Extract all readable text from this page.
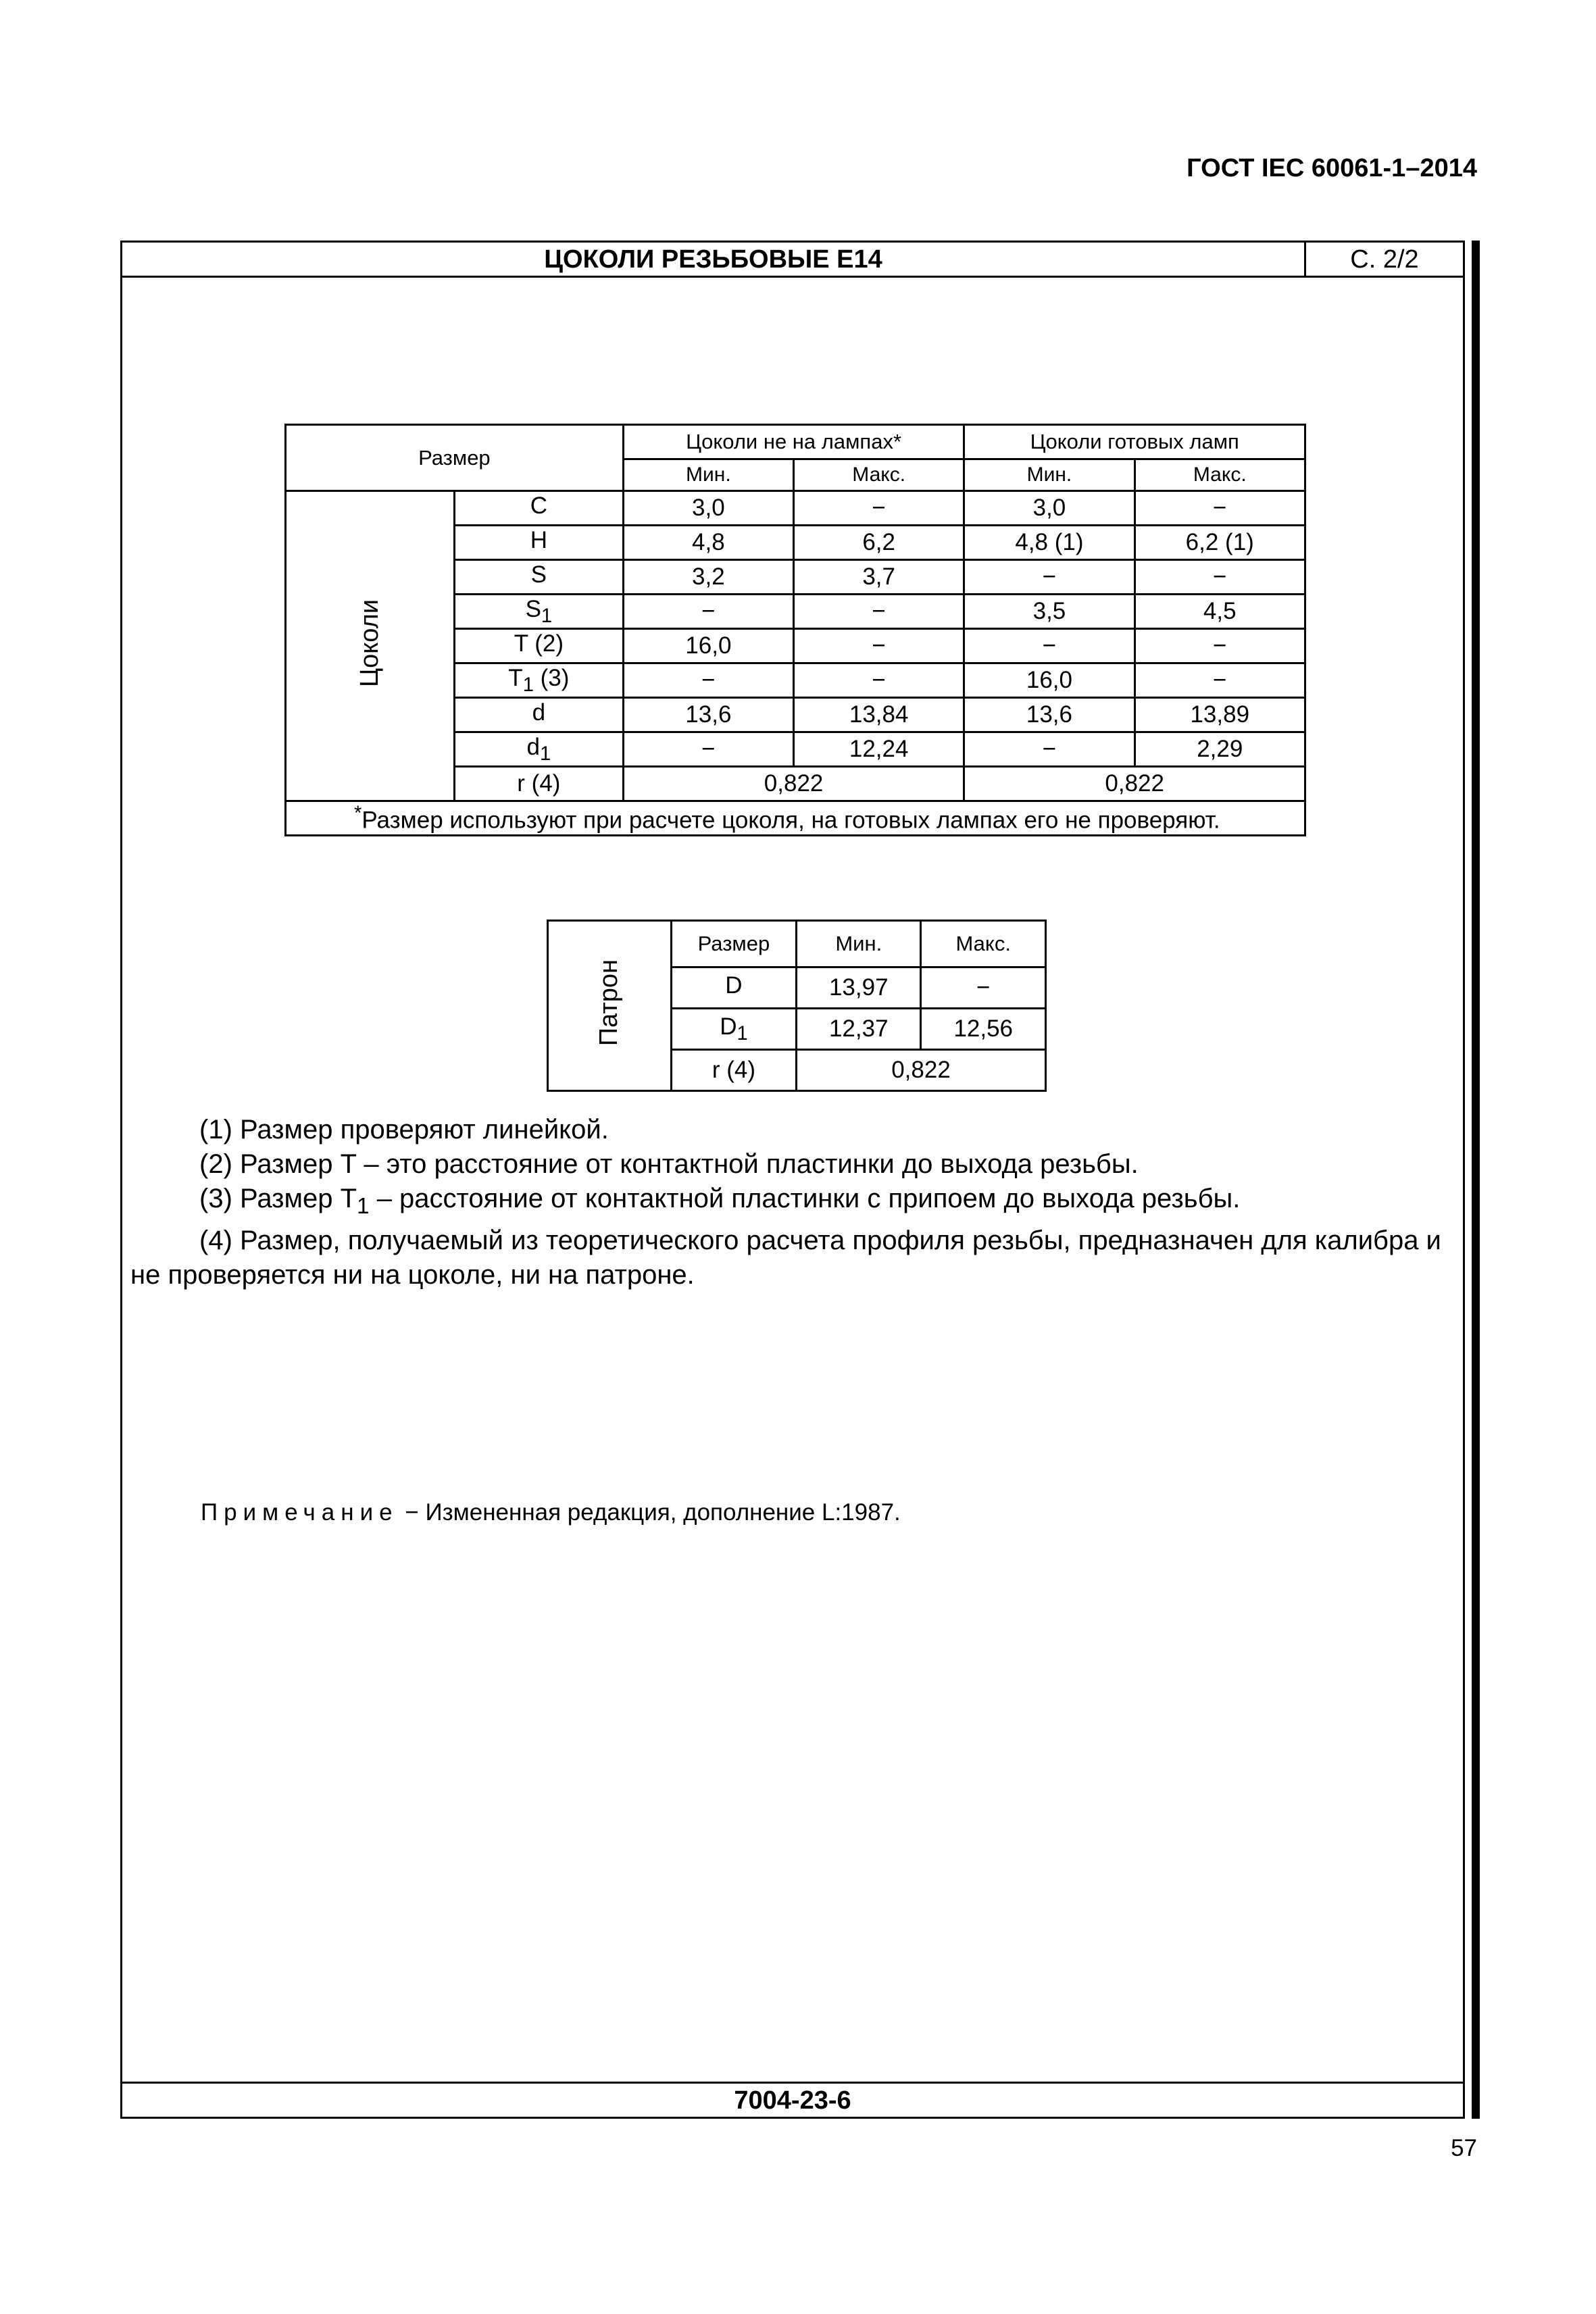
ГОСТ IEC 60061-1–2014
ЦОКОЛИ РЕЗЬБОВЫЕ Е14	С. 2/2
Размер		Цоколи не на лампах*		Цоколи готовых ламп	
		Мин.	Макс.	Мин.	Макс.
Цоколи	C	3,0	−	3,0	−
	H	4,8	6,2	4,8 (1)	6,2 (1)
	S	3,2	3,7	−	−
	$S_1$	−	−	3,5	4,5
	T (2)	16,0	−	−	−
	$T_1$ (3)	−	−	16,0	−
	d	13,6	13,84	13,6	13,89
	$d_1$	−	12,24	−	2,29
	r (4)	0,822		0,822	
*Размер используют при расчете цоколя, на готовых лампах его не проверяют.					
Патрон	Размер	Мин.	Макс.
	D	13,97	−
	$D_1$	12,37	12,56
	r (4)	0,822	

(1) Размер проверяют линейкой.

(2) Размер T – это расстояние от контактной пластинки до выхода резьбы.

(3) Размер $T_1$ – расстояние от контактной пластинки с припоем до выхода резьбы.

(4) Размер, получаемый из теоретического расчета профиля резьбы, предназначен для калибра и не проверяется ни на цоколе, ни на патроне.

Примечание − Измененная редакция, дополнение L:1987.
7004-23-6
57
